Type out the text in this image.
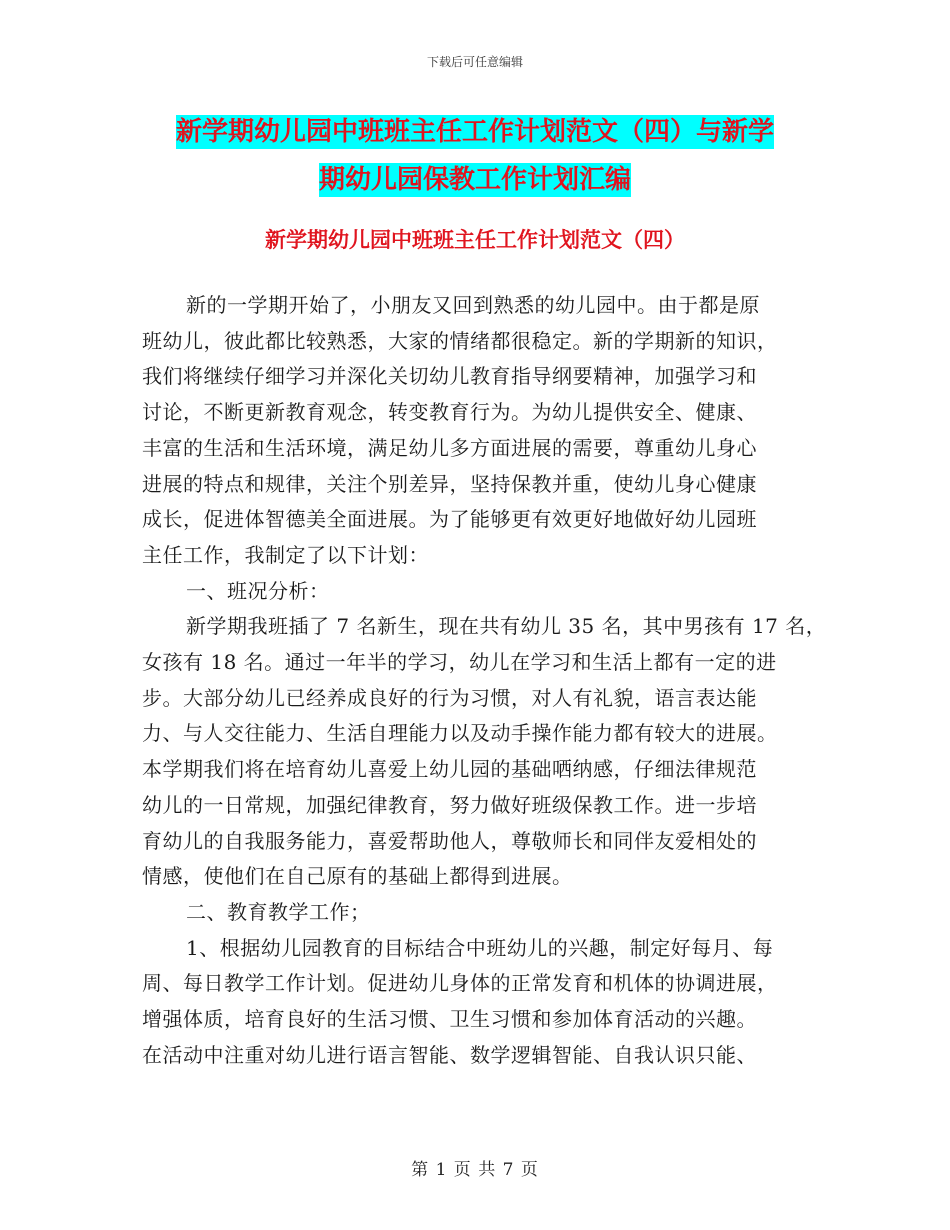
下载后可任意编辑
新学期幼儿园中班班主任工作计划范文（四）与新学
期幼儿园保教工作计划汇编
新学期幼儿园中班班主任工作计划范文（四）

新的一学期开始了，小朋友又回到熟悉的幼儿园中。由于都是原

班幼儿，彼此都比较熟悉，大家的情绪都很稳定。新的学期新的知识，

我们将继续仔细学习并深化关切幼儿教育指导纲要精神，加强学习和

讨论，不断更新教育观念，转变教育行为。为幼儿提供安全、健康、

丰富的生活和生活环境，满足幼儿多方面进展的需要，尊重幼儿身心

进展的特点和规律，关注个别差异，坚持保教并重，使幼儿身心健康

成长，促进体智德美全面进展。为了能够更有效更好地做好幼儿园班

主任工作，我制定了以下计划：

一、班况分析：

新学期我班插了 7 名新生，现在共有幼儿 35 名，其中男孩有 17 名，

女孩有 18 名。通过一年半的学习，幼儿在学习和生活上都有一定的进

步。大部分幼儿已经养成良好的行为习惯，对人有礼貌，语言表达能

力、与人交往能力、生活自理能力以及动手操作能力都有较大的进展。

本学期我们将在培育幼儿喜爱上幼儿园的基础哂纳感，仔细法律规范

幼儿的一日常规，加强纪律教育，努力做好班级保教工作。进一步培

育幼儿的自我服务能力，喜爱帮助他人，尊敬师长和同伴友爱相处的

情感，使他们在自己原有的基础上都得到进展。

二、教育教学工作；

1、根据幼儿园教育的目标结合中班幼儿的兴趣，制定好每月、每

周、每日教学工作计划。促进幼儿身体的正常发育和机体的协调进展，

增强体质，培育良好的生活习惯、卫生习惯和参加体育活动的兴趣。

在活动中注重对幼儿进行语言智能、数学逻辑智能、自我认识只能、

第 1 页 共 7 页
